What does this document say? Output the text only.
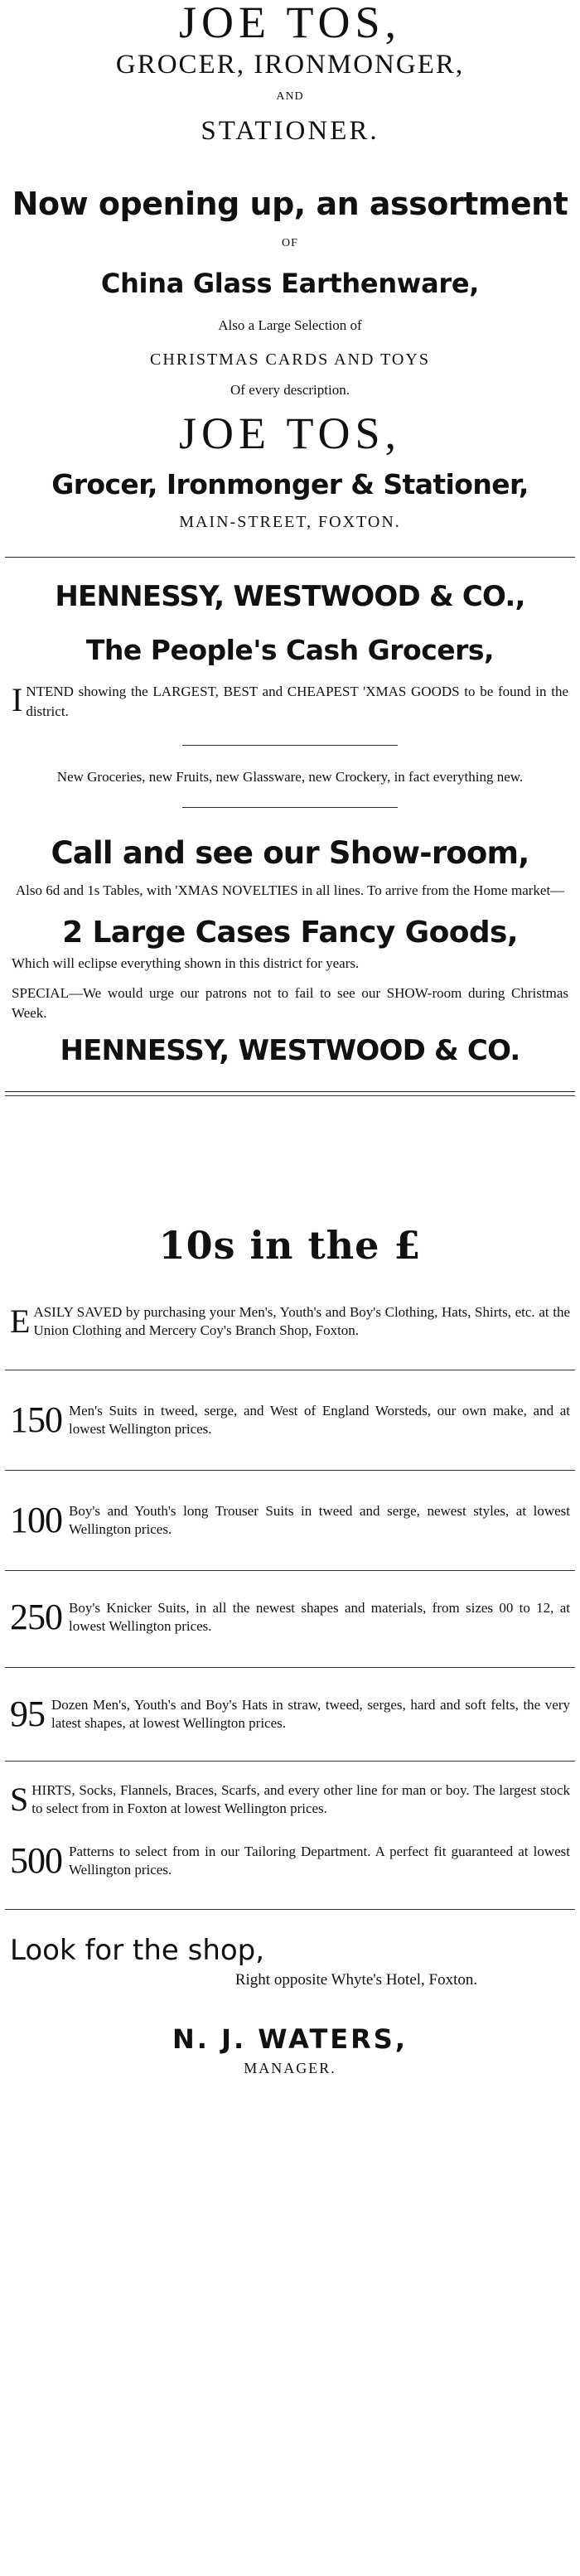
JOE TOS,
GROCER, IRONMONGER,
AND
STATIONER.
Now opening up, an assortment
OF
China Glass Earthenware,
Also a Large Selection of
CHRISTMAS CARDS AND TOYS
Of every description.
JOE TOS,
Grocer, Ironmonger & Stationer,
MAIN-STREET, FOXTON.
HENNESSY, WESTWOOD & CO.,
The People's Cash Grocers,
I NTEND showing the LARGEST, BEST and CHEAPEST 'XMAS GOODS to be found in the district.
New Groceries, new Fruits, new Glassware, new Crockery, in fact everything new.
Call and see our Show-room,
Also 6d and 1s Tables, with 'XMAS NOVELTIES in all lines. To arrive from the Home market—
2 Large Cases Fancy Goods,
Which will eclipse everything shown in this district for years.
SPECIAL—We would urge our patrons not to fail to see our SHOW-room during Christmas Week.
HENNESSY, WESTWOOD & CO.
10s in the £
E ASILY SAVED by purchasing your Men's, Youth's and Boy's Clothing, Hats, Shirts, etc. at the Union Clothing and Mercery Coy's Branch Shop, Foxton.
150 Men's Suits in tweed, serge, and West of England Worsteds, our own make, and at lowest Wellington prices.
100 Boy's and Youth's long Trouser Suits in tweed and serge, newest styles, at lowest Wellington prices.
250 Boy's Knicker Suits, in all the newest shapes and materials, from sizes 00 to 12, at lowest Wellington prices.
95 Dozen Men's, Youth's and Boy's Hats in straw, tweed, serges, hard and soft felts, the very latest shapes, at lowest Wellington prices.
S HIRTS, Socks, Flannels, Braces, Scarfs, and every other line for man or boy. The largest stock to select from in Foxton at lowest Wellington prices.
500 Patterns to select from in our Tailoring Department. A perfect fit guaranteed at lowest Wellington prices.
Look for the shop,
Right opposite Whyte's Hotel, Foxton.
N. J. WATERS,
MANAGER.
